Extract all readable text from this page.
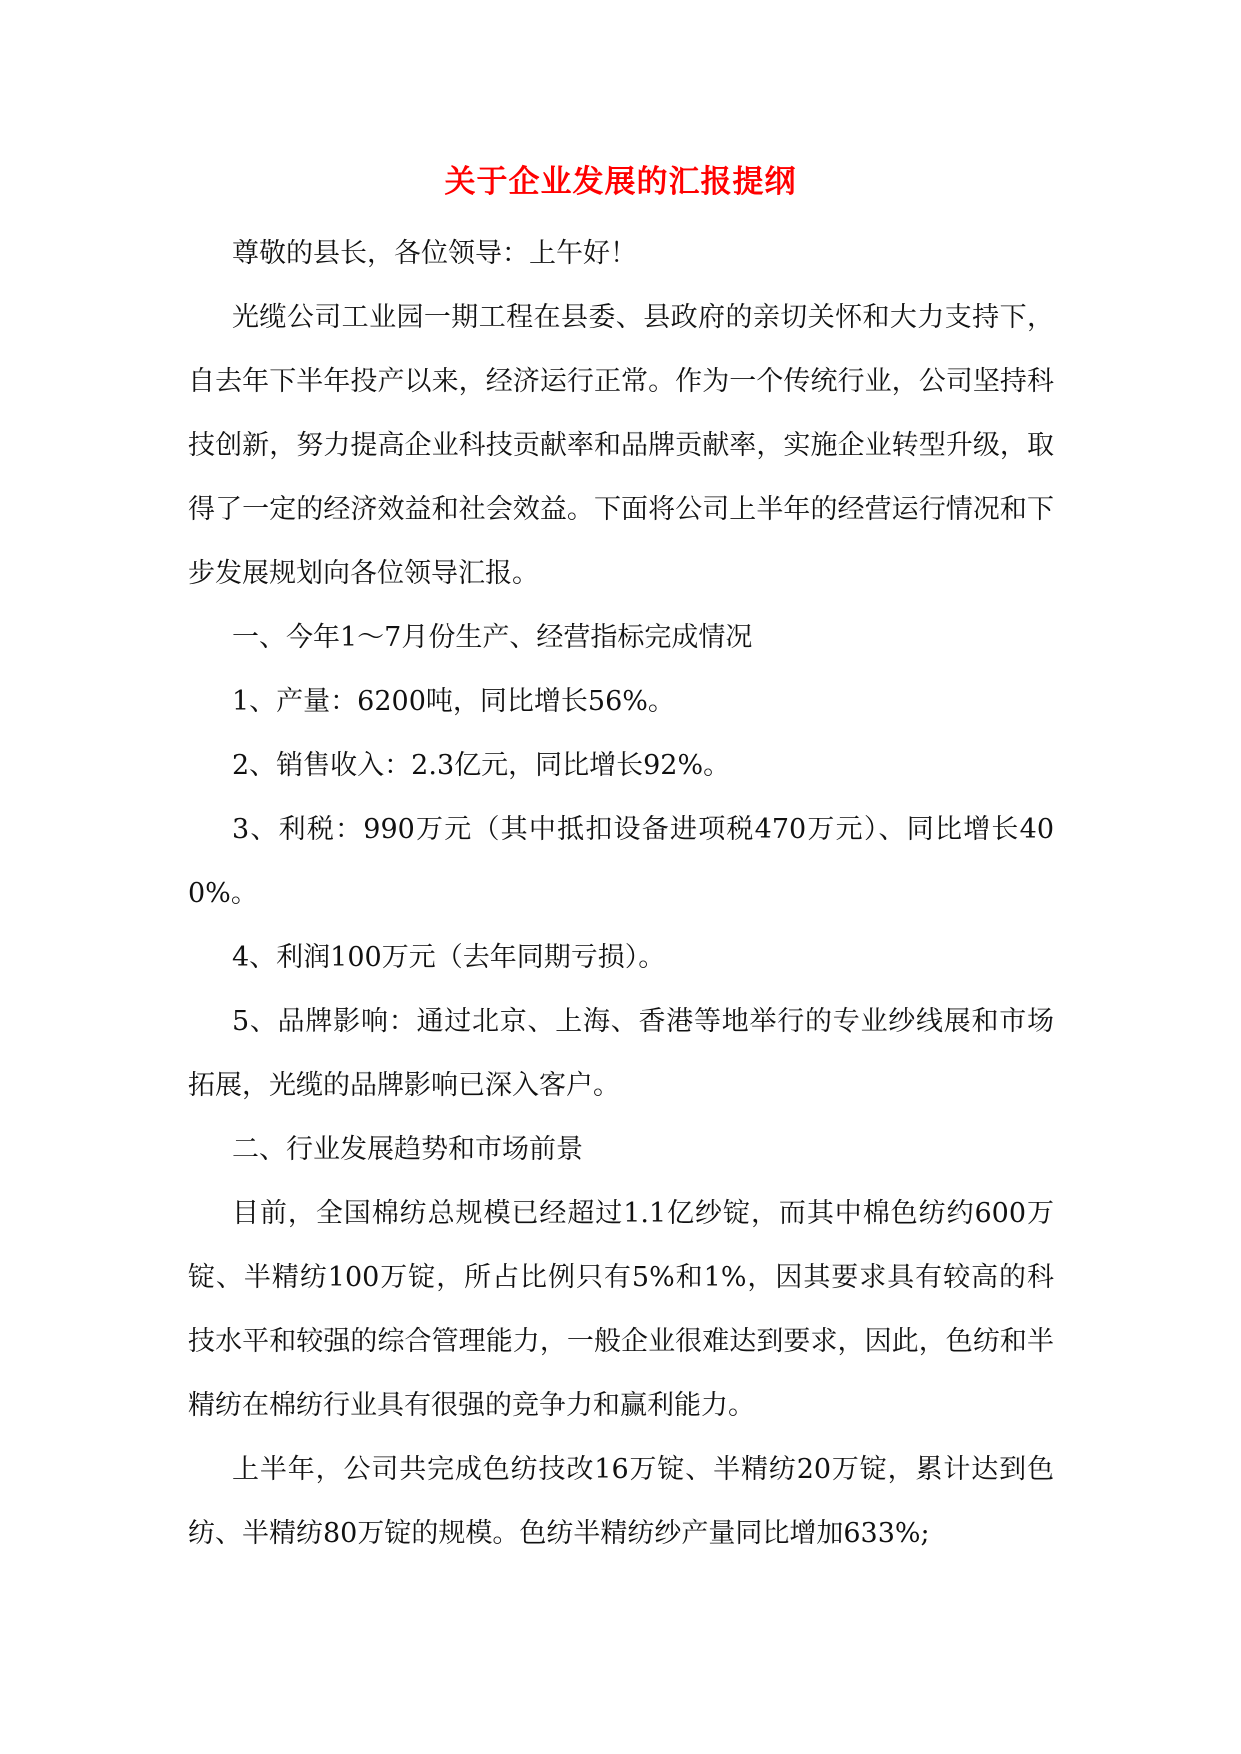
关于企业发展的汇报提纲

尊敬的县长，各位领导：上午好！

光缆公司工业园一期工程在县委、县政府的亲切关怀和大力支持下，自去年下半年投产以来，经济运行正常。作为一个传统行业，公司坚持科技创新，努力提高企业科技贡献率和品牌贡献率，实施企业转型升级，取得了一定的经济效益和社会效益。下面将公司上半年的经营运行情况和下步发展规划向各位领导汇报。

一、今年1～7月份生产、经营指标完成情况

1、产量：6200吨，同比增长56%。

2、销售收入：2.3亿元，同比增长92%。

3、利税：990万元（其中抵扣设备进项税470万元）、同比增长400%。

4、利润100万元（去年同期亏损）。

5、品牌影响：通过北京、上海、香港等地举行的专业纱线展和市场拓展，光缆的品牌影响已深入客户。

二、行业发展趋势和市场前景

目前，全国棉纺总规模已经超过1.1亿纱锭，而其中棉色纺约600万锭、半精纺100万锭，所占比例只有5%和1%，因其要求具有较高的科技水平和较强的综合管理能力，一般企业很难达到要求，因此，色纺和半精纺在棉纺行业具有很强的竞争力和赢利能力。

上半年，公司共完成色纺技改16万锭、半精纺20万锭，累计达到色纺、半精纺80万锭的规模。色纺半精纺纱产量同比增加633%;
